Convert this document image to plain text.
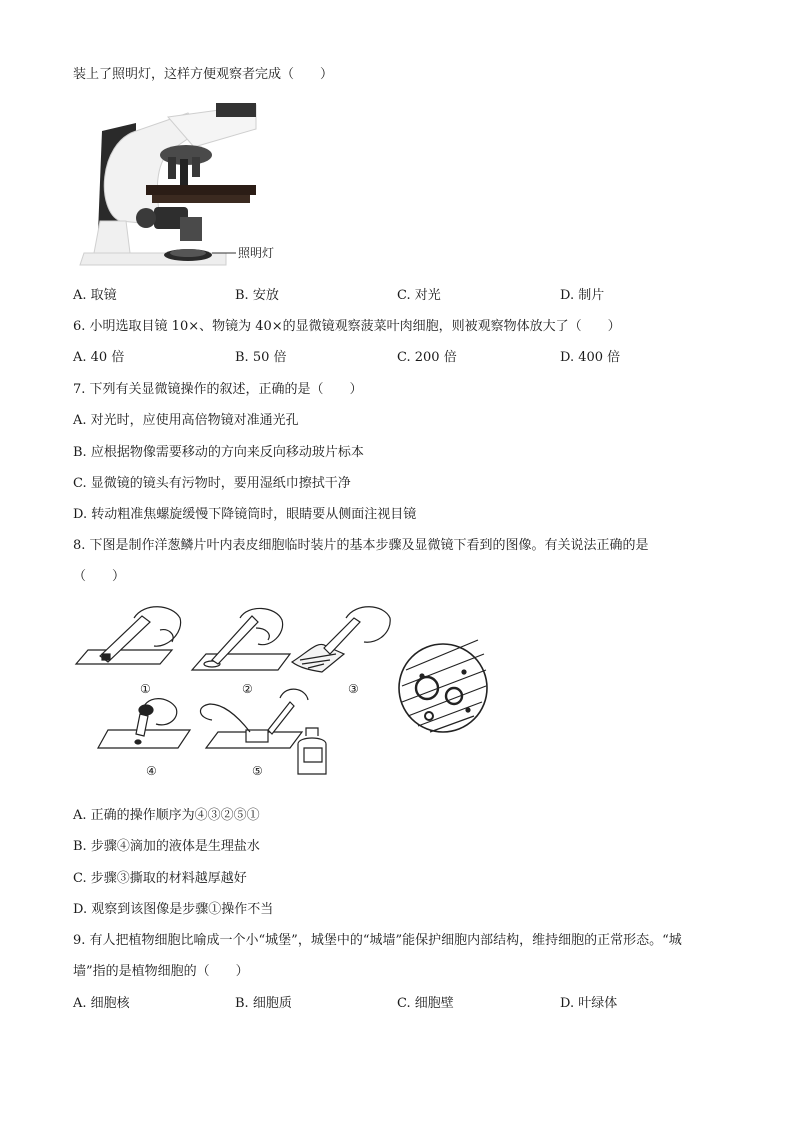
装上了照明灯，这样方便观察者完成（　　）
照明灯
A. 取镜	B. 安放	C. 对光	D. 制片
6. 小明选取目镜 10×、物镜为 40×的显微镜观察菠菜叶肉细胞，则被观察物体放大了（　　）
A. 40 倍	B. 50 倍	C. 200 倍	D. 400 倍
7. 下列有关显微镜操作的叙述，正确的是（　　）
A. 对光时，应使用高倍物镜对准通光孔
B. 应根据物像需要移动的方向来反向移动玻片标本
C. 显微镜的镜头有污物时，要用湿纸巾擦拭干净
D. 转动粗准焦螺旋缓慢下降镜筒时，眼睛要从侧面注视目镜
8. 下图是制作洋葱鳞片叶内表皮细胞临时装片的基本步骤及显微镜下看到的图像。有关说法正确的是
（　　）
①	②	③
④	⑤
A. 正确的操作顺序为④③②⑤①
B. 步骤④滴加的液体是生理盐水
C. 步骤③撕取的材料越厚越好
D. 观察到该图像是步骤①操作不当
9. 有人把植物细胞比喻成一个小“城堡”，城堡中的“城墙”能保护细胞内部结构，维持细胞的正常形态。“城
墙”指的是植物细胞的（　　）
A. 细胞核	B. 细胞质	C. 细胞壁	D. 叶绿体
